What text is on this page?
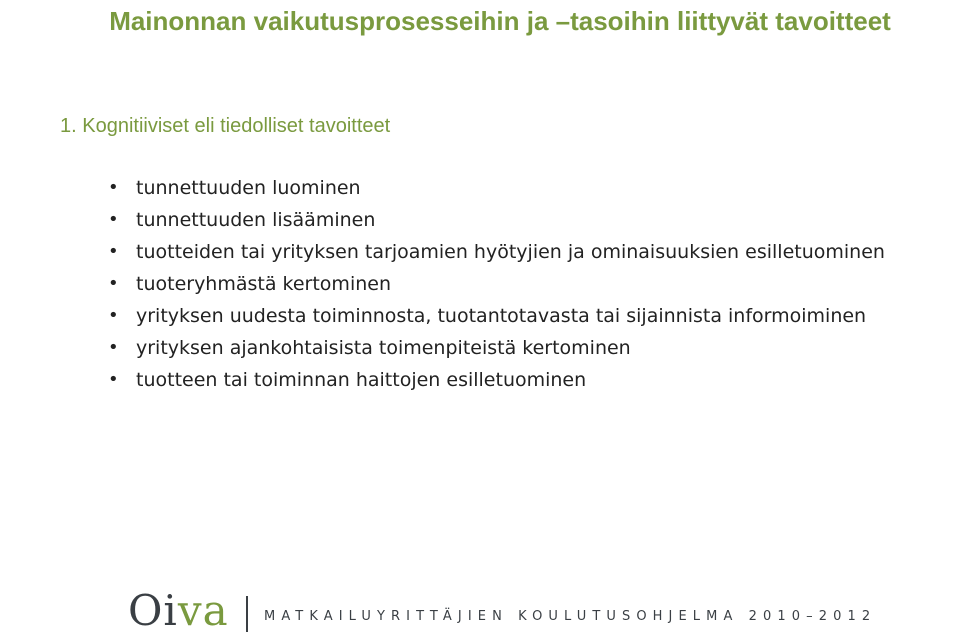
Mainonnan vaikutusprosesseihin ja –tasoihin liittyvät tavoitteet
1. Kognitiiviset eli tiedolliset tavoitteet
• tunnettuuden luominen
• tunnettuuden lisääminen
• tuotteiden tai yrityksen tarjoamien hyötyjien ja ominaisuuksien esilletuominen
• tuoteryhmästä kertominen
• yrityksen uudesta toiminnosta, tuotantotavasta tai sijainnista informoiminen
• yrityksen ajankohtaisista toimenpiteistä kertominen
• tuotteen tai toiminnan haittojen esilletuominen
Oiva	MATKAILUYRITTÄJIEN KOULUTUSOHJELMA 2010–2012
